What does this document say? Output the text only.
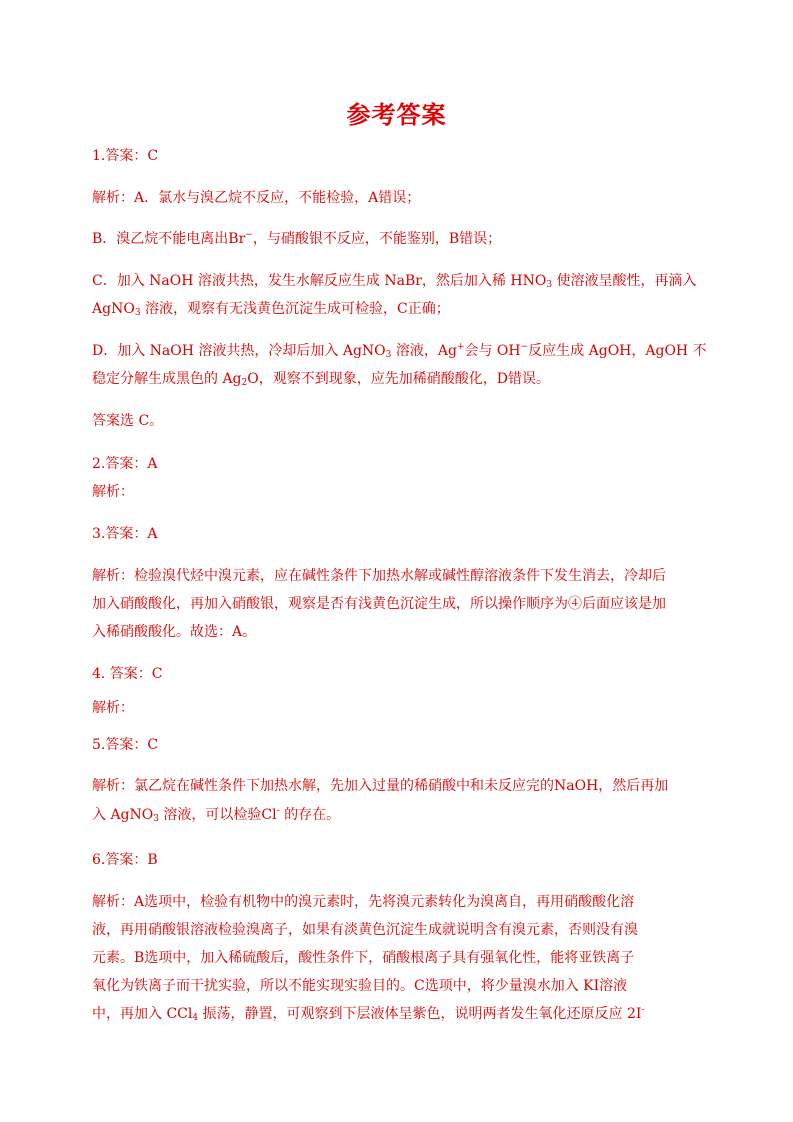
参考答案
1.答案：C
解析：A．氯水与溴乙烷不反应，不能检验，A错误；
B．溴乙烷不能电离出Br−，与硝酸银不反应，不能鉴别，B错误；
C．加入 NaOH 溶液共热，发生水解反应生成 NaBr，然后加入稀 $HNO_3$ 使溶液呈酸性，再滴入
AgNO$_3$ 溶液，观察有无浅黄色沉淀生成可检验，C正确；
D．加入 NaOH 溶液共热，冷却后加入 AgNO$_3$ 溶液，Ag+会与 OH−反应生成 AgOH，AgOH 不
稳定分解生成黑色的 $Ag_2O$，观察不到现象，应先加稀硝酸酸化，D错误。
答案选 C。
2.答案：A
解析：
3.答案：A
解析：检验溴代烃中溴元素，应在碱性条件下加热水解或碱性醇溶液条件下发生消去，冷却后
加入硝酸酸化，再加入硝酸银，观察是否有浅黄色沉淀生成，所以操作顺序为④后面应该是加
入稀硝酸酸化。故选：A。
4. 答案：C
解析：
5.答案：C
解析：氯乙烷在碱性条件下加热水解，先加入过量的稀硝酸中和未反应完的NaOH，然后再加
入 AgNO$_3$ 溶液，可以检验Cl- 的存在。
6.答案：B
解析：A选项中，检验有机物中的溴元素时，先将溴元素转化为溴离自，再用硝酸酸化溶
液，再用硝酸银溶液检验溴离子，如果有淡黄色沉淀生成就说明含有溴元素，否则没有溴
元素。B选项中，加入稀硫酸后，酸性条件下，硝酸根离子具有强氧化性，能将亚铁离子
氧化为铁离子而干扰实验，所以不能实现实验目的。C选项中，将少量溴水加入 KI溶液
中，再加入 CCl$_4$ 振荡，静置，可观察到下层液体呈紫色，说明两者发生氧化还原反应 2I-
